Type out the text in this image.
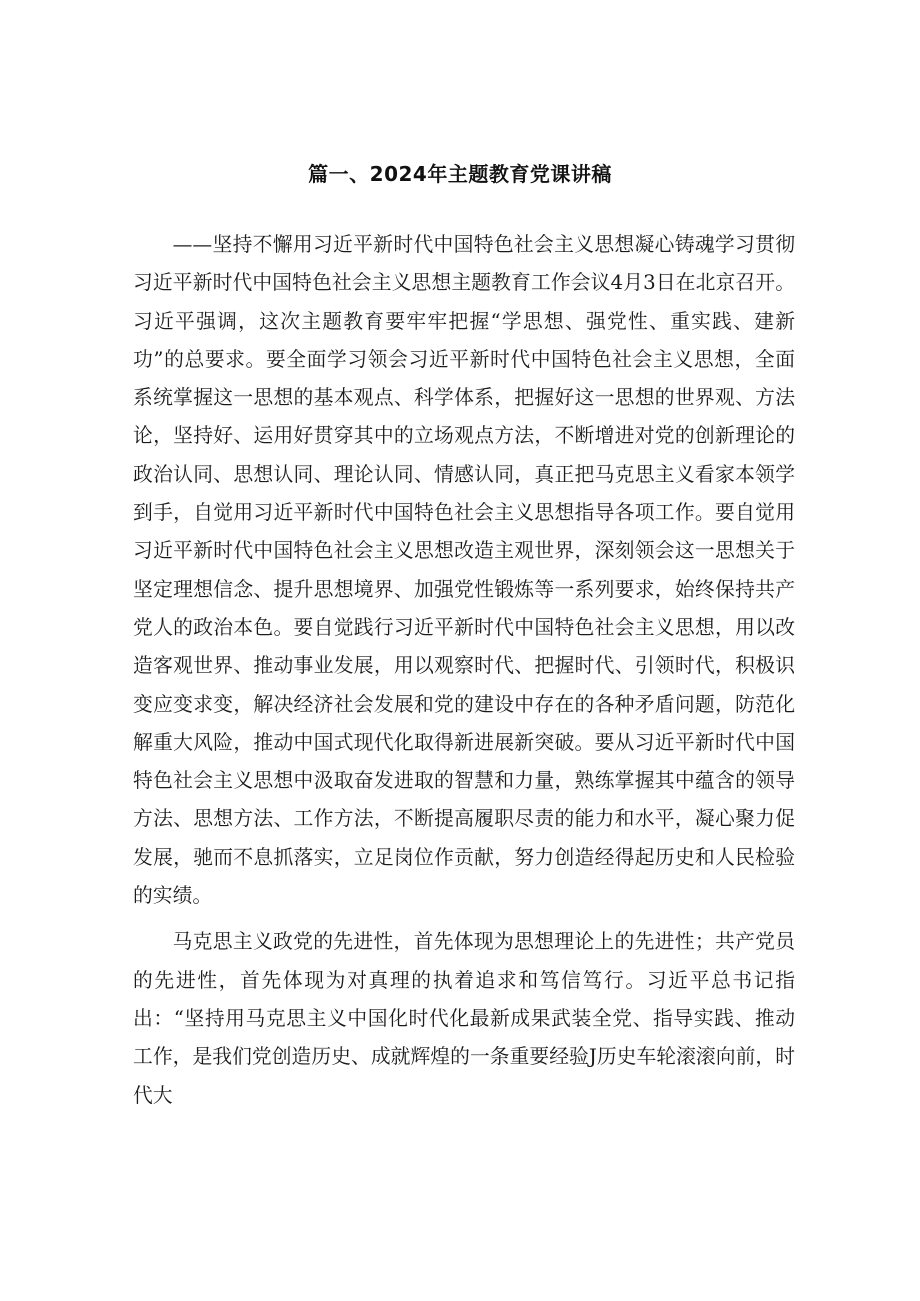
篇一、2024年主题教育党课讲稿

——坚持不懈用习近平新时代中国特色社会主义思想凝心铸魂学习贯彻习近平新时代中国特色社会主义思想主题教育工作会议4月3日在北京召开。习近平强调，这次主题教育要牢牢把握“学思想、强党性、重实践、建新功”的总要求。要全面学习领会习近平新时代中国特色社会主义思想，全面系统掌握这一思想的基本观点、科学体系，把握好这一思想的世界观、方法论，坚持好、运用好贯穿其中的立场观点方法，不断增进对党的创新理论的政治认同、思想认同、理论认同、情感认同，真正把马克思主义看家本领学到手，自觉用习近平新时代中国特色社会主义思想指导各项工作。要自觉用习近平新时代中国特色社会主义思想改造主观世界，深刻领会这一思想关于坚定理想信念、提升思想境界、加强党性锻炼等一系列要求，始终保持共产党人的政治本色。要自觉践行习近平新时代中国特色社会主义思想，用以改造客观世界、推动事业发展，用以观察时代、把握时代、引领时代，积极识变应变求变，解决经济社会发展和党的建设中存在的各种矛盾问题，防范化解重大风险，推动中国式现代化取得新进展新突破。要从习近平新时代中国特色社会主义思想中汲取奋发进取的智慧和力量，熟练掌握其中蕴含的领导方法、思想方法、工作方法，不断提高履职尽责的能力和水平，凝心聚力促发展，驰而不息抓落实，立足岗位作贡献，努力创造经得起历史和人民检验的实绩。

马克思主义政党的先进性，首先体现为思想理论上的先进性；共产党员的先进性，首先体现为对真理的执着追求和笃信笃行。习近平总书记指出：“坚持用马克思主义中国化时代化最新成果武装全党、指导实践、推动工作，是我们党创造历史、成就辉煌的一条重要经验J历史车轮滚滚向前，时代大
